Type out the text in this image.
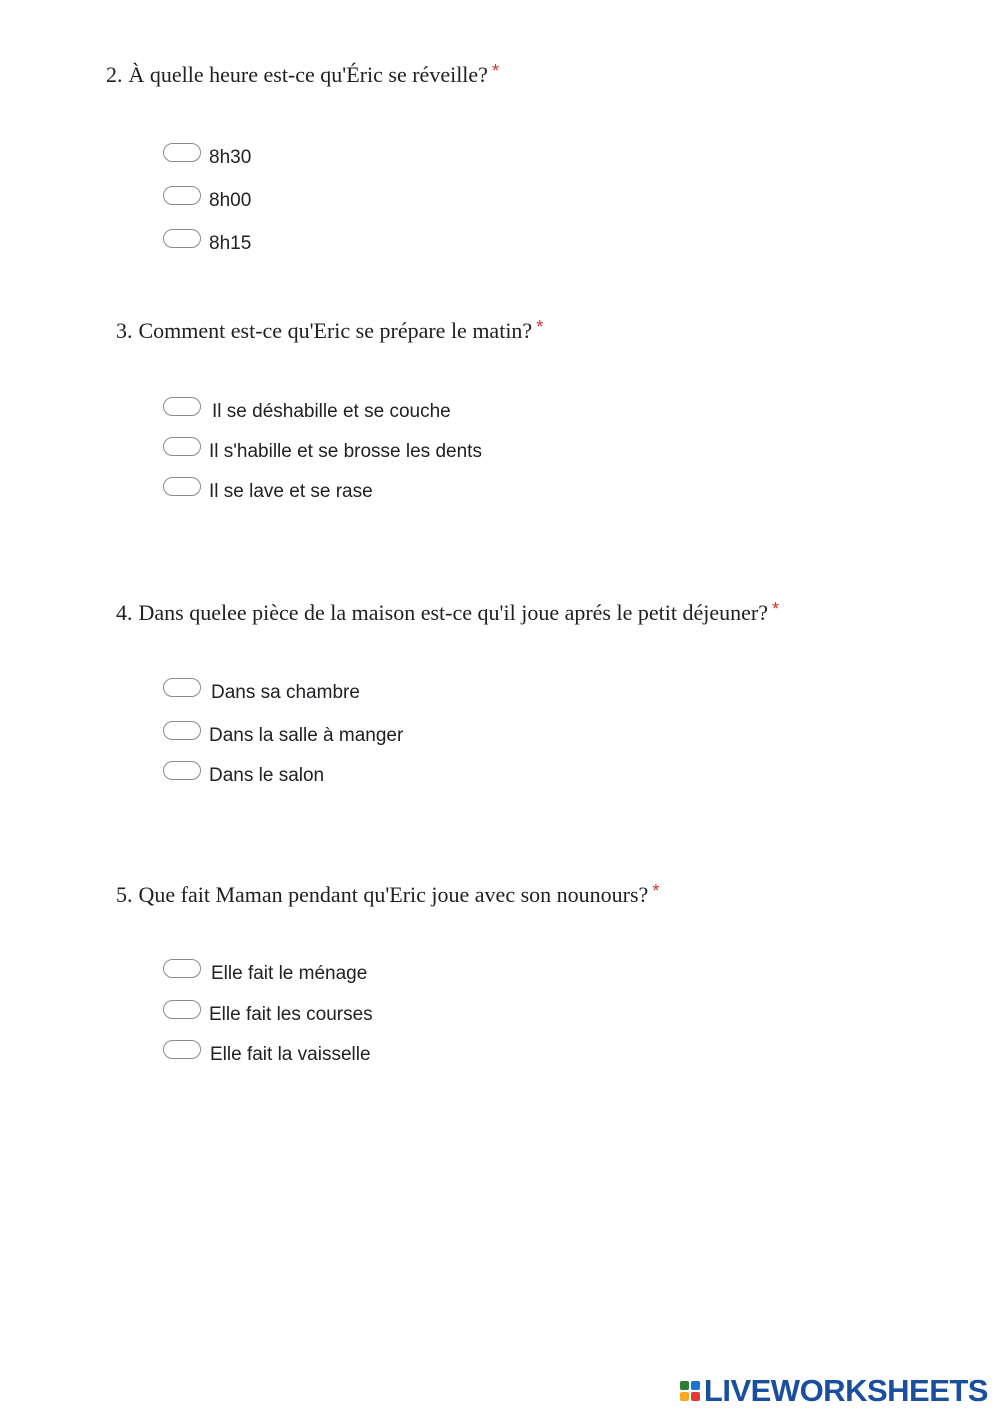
2. À quelle heure est-ce qu'Éric se réveille? *
8h30
8h00
8h15
3. Comment est-ce qu'Eric se prépare le matin? *
Il se déshabille et se couche
Il s'habille et se brosse les dents
Il se lave et se rase
4. Dans quelee pièce de la maison est-ce qu'il joue aprés le petit déjeuner? *
Dans sa chambre
Dans la salle à manger
Dans le salon
5. Que fait Maman pendant qu'Eric joue avec son nounours? *
Elle fait le ménage
Elle fait les courses
Elle fait la vaisselle
LIVEWORKSHEETS
